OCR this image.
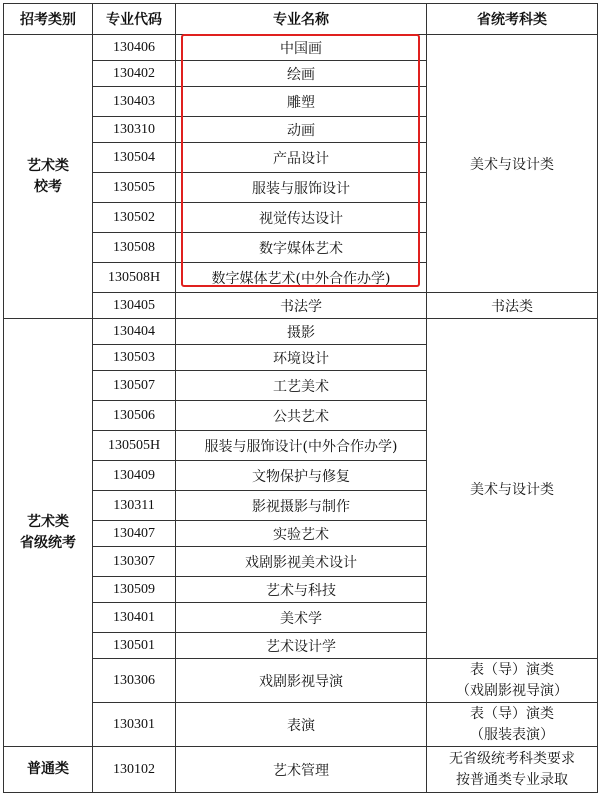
招考类别	专业代码	专业名称	省统考科类
艺术类
校考	130406	中国画	美术与设计类
	130402	绘画	
	130403	雕塑	
	130310	动画	
	130504	产品设计	
	130505	服装与服饰设计	
	130502	视觉传达设计	
	130508	数字媒体艺术	
	130508H	数字媒体艺术(中外合作办学)	
	130405	书法学	书法类
艺术类
省级统考	130404	摄影	美术与设计类
	130503	环境设计	
	130507	工艺美术	
	130506	公共艺术	
	130505H	服装与服饰设计(中外合作办学)	
	130409	文物保护与修复	
	130311	影视摄影与制作	
	130407	实验艺术	
	130307	戏剧影视美术设计	
	130509	艺术与科技	
	130401	美术学	
	130501	艺术设计学	
	130306	戏剧影视导演	表（导）演类
（戏剧影视导演）
	130301	表演	表（导）演类
（服装表演）
普通类	130102	艺术管理	无省级统考科类要求
按普通类专业录取
